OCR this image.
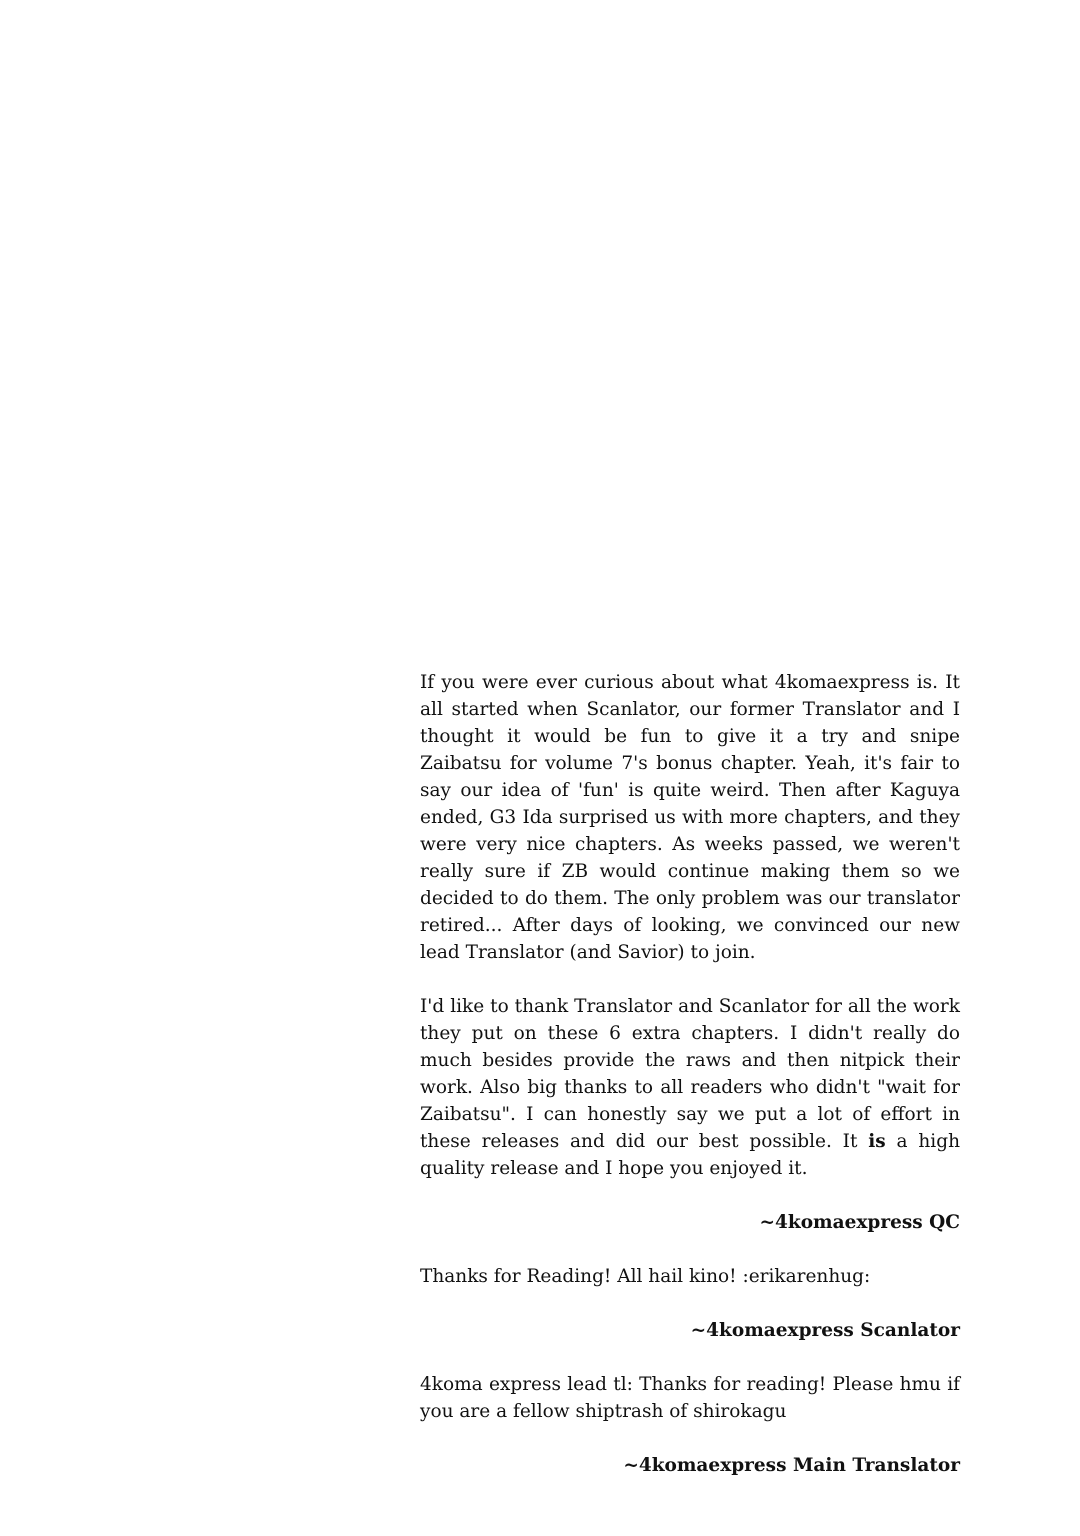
If you were ever curious about what 4komaexpress is. It all started when Scanlator, our former Translator and I thought it would be fun to give it a try and snipe Zaibatsu for volume 7's bonus chapter. Yeah, it's fair to say our idea of 'fun' is quite weird. Then after Kaguya ended, G3 Ida surprised us with more chapters, and they were very nice chapters. As weeks passed, we weren't really sure if ZB would continue making them so we decided to do them. The only problem was our translator retired... After days of looking, we convinced our new lead Translator (and Savior) to join.

I'd like to thank Translator and Scanlator for all the work they put on these 6 extra chapters. I didn't really do much besides provide the raws and then nitpick their work. Also big thanks to all readers who didn't "wait for Zaibatsu". I can honestly say we put a lot of effort in these releases and did our best possible. It is a high quality release and I hope you enjoyed it.

~4komaexpress QC

Thanks for Reading! All hail kino! :erikarenhug:

~4komaexpress Scanlator

4koma express lead tl: Thanks for reading! Please hmu if you are a fellow shiptrash of shirokagu

~4komaexpress Main Translator
